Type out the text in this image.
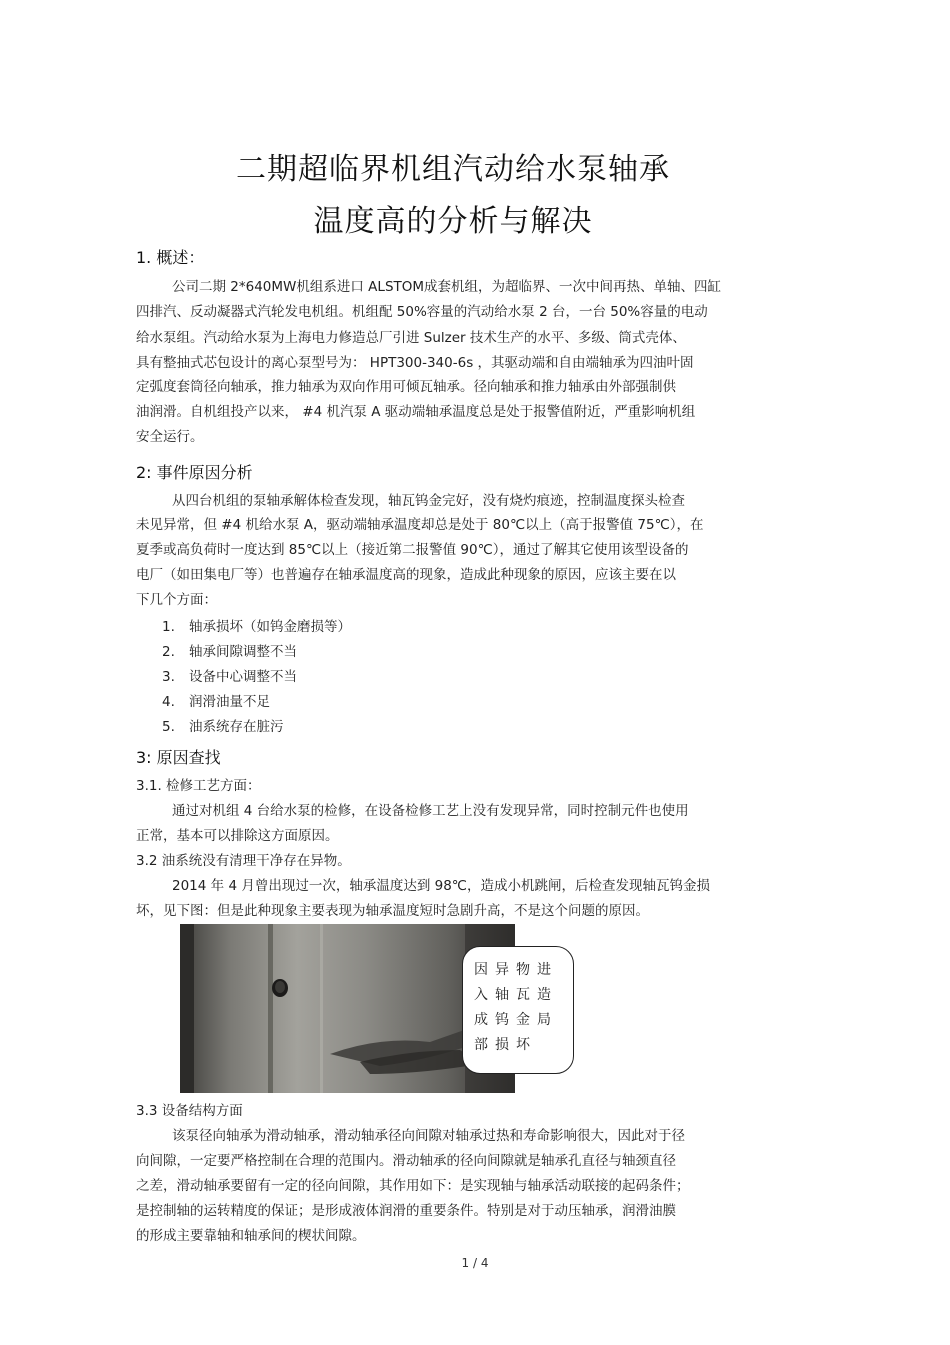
二期超临界机组汽动给水泵轴承
温度高的分析与解决
1. 概述：
公司二期 2*640MW机组系进口 ALSTOM成套机组，为超临界、一次中间再热、单轴、四缸
四排汽、反动凝器式汽轮发电机组。机组配 50%容量的汽动给水泵 2 台，一台 50%容量的电动
给水泵组。汽动给水泵为上海电力修造总厂引进 Sulzer 技术生产的水平、多级、筒式壳体、
具有整抽式芯包设计的离心泵型号为： HPT300-340-6s ，其驱动端和自由端轴承为四油叶固
定弧度套筒径向轴承，推力轴承为双向作用可倾瓦轴承。径向轴承和推力轴承由外部强制供
油润滑。自机组投产以来， #4 机汽泵 A 驱动端轴承温度总是处于报警值附近，严重影响机组
安全运行。
2: 事件原因分析
从四台机组的泵轴承解体检查发现，轴瓦钨金完好，没有烧灼痕迹，控制温度探头检查
未见异常，但 #4 机给水泵 A，驱动端轴承温度却总是处于 80℃以上（高于报警值 75℃），在
夏季或高负荷时一度达到 85℃以上（接近第二报警值 90℃），通过了解其它使用该型设备的
电厂（如田集电厂等）也普遍存在轴承温度高的现象，造成此种现象的原因，应该主要在以
下几个方面：
1. 轴承损坏（如钨金磨损等）
2. 轴承间隙调整不当
3. 设备中心调整不当
4. 润滑油量不足
5. 油系统存在脏污
3: 原因查找
3.1. 检修工艺方面：
通过对机组 4 台给水泵的检修，在设备检修工艺上没有发现异常，同时控制元件也使用
正常，基本可以排除这方面原因。
3.2 油系统没有清理干净存在异物。
2014 年 4 月曾出现过一次，轴承温度达到 98℃，造成小机跳闸，后检查发现轴瓦钨金损
坏，见下图：但是此种现象主要表现为轴承温度短时急剧升高，不是这个问题的原因。
因异物进入轴瓦造成钨金局部损坏
3.3 设备结构方面
该泵径向轴承为滑动轴承，滑动轴承径向间隙对轴承过热和寿命影响很大，因此对于径
向间隙，一定要严格控制在合理的范围内。滑动轴承的径向间隙就是轴承孔直径与轴颈直径
之差，滑动轴承要留有一定的径向间隙，其作用如下：是实现轴与轴承活动联接的起码条件；
是控制轴的运转精度的保证；是形成液体润滑的重要条件。特别是对于动压轴承，润滑油膜
的形成主要靠轴和轴承间的楔状间隙。
1 / 4
